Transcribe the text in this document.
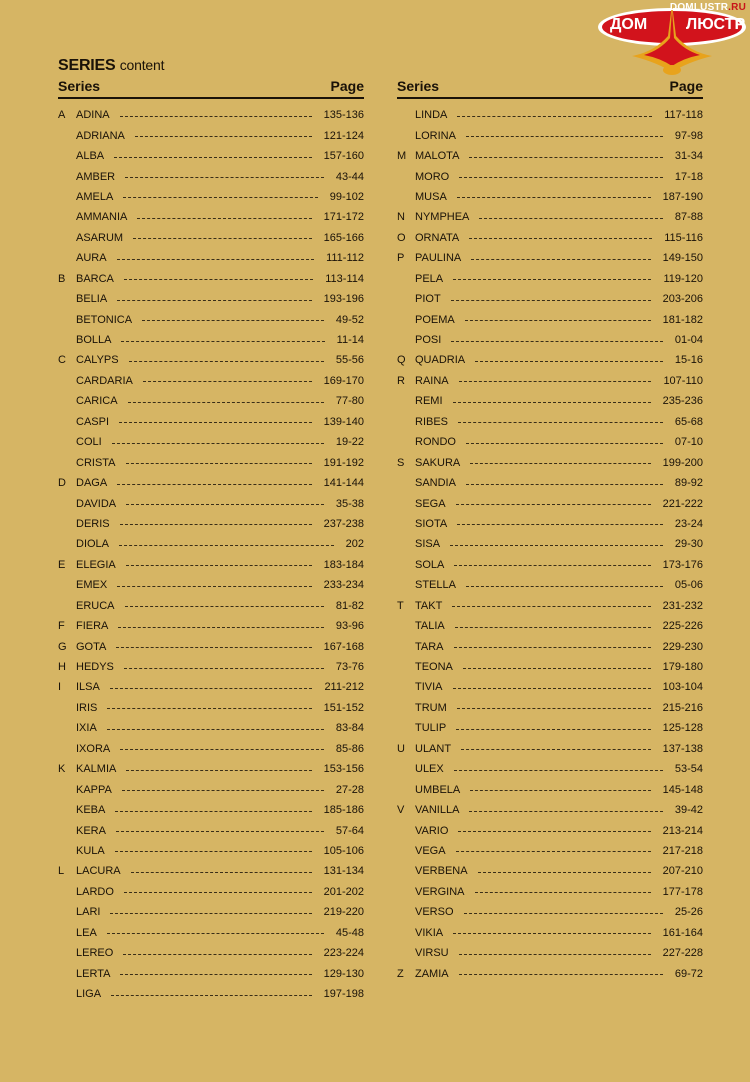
ДОМ ЛЮСТР
DOMLUSTR.RU
SERIES content
Series	Page
A ADINA	135-136
ADRIANA	121-124
ALBA	157-160
AMBER	43-44
AMELA	99-102
AMMANIA	171-172
ASARUM	165-166
AURA	111-112
B BARCA	113-114
BELIA	193-196
BETONICA	49-52
BOLLA	11-14
C CALYPS	55-56
CARDARIA	169-170
CARICA	77-80
CASPI	139-140
COLI	19-22
CRISTA	191-192
D DAGA	141-144
DAVIDA	35-38
DERIS	237-238
DIOLA	202
E ELEGIA	183-184
EMEX	233-234
ERUCA	81-82
F	FIERA	93-96
G GOTA	167-168
H HEDYS	73-76
I	ILSA	211-212
IRIS	151-152
IXIA	83-84
IXORA	85-86
K KALMIA	153-156
KAPPA	27-28
KEBA	185-186
KERA	57-64
KULA	105-106
L	LACURA	131-134
LARDO	201-202
LARI	219-220
LEA	45-48
LEREO	223-224
LERTA	129-130
LIGA	197-198
Series	Page
LINDA	117-118
LORINA	97-98
M MALOTA	31-34
MORO	17-18
MUSA	187-190
N NYMPHEA	87-88
O ORNATA	115-116
P PAULINA	149-150
PELA	119-120
PIOT	203-206
POEMA	181-182
POSI	01-04
Q QUADRIA	15-16
R RAINA	107-110
REMI	235-236
RIBES	65-68
RONDO	07-10
S SAKURA	199-200
SANDIA	89-92
SEGA	221-222
SIOTA	23-24
SISA	29-30
SOLA	173-176
STELLA	05-06
T	TAKT	231-232
TALIA	225-226
TARA	229-230
TEONA	179-180
TIVIA	103-104
TRUM	215-216
TULIP	125-128
U ULANT	137-138
ULEX	53-54
UMBELA	145-148
V VANILLA	39-42
VARIO	213-214
VEGA	217-218
VERBENA	207-210
VERGINA	177-178
VERSO	25-26
VIKIA	161-164
VIRSU	227-228
Z	ZAMIA	69-72
